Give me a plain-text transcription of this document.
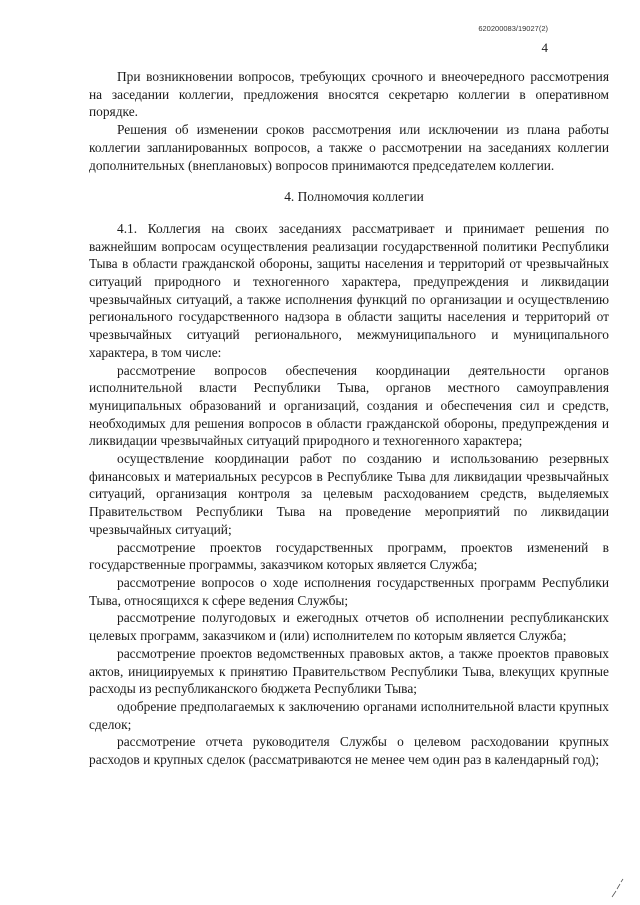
620200083/19027(2)
4

При возникновении вопросов, требующих срочного и внеочередного рассмотрения на заседании коллегии, предложения вносятся секретарю коллегии в оперативном порядке.

Решения об изменении сроков рассмотрения или исключении из плана работы коллегии запланированных вопросов, а также о рассмотрении на заседаниях коллегии дополнительных (внеплановых) вопросов принимаются председателем коллегии.

4. Полномочия коллегии

4.1. Коллегия на своих заседаниях рассматривает и принимает решения по важнейшим вопросам осуществления реализации государственной политики Республики Тыва в области гражданской обороны, защиты населения и территорий от чрезвычайных ситуаций природного и техногенного характера, предупреждения и ликвидации чрезвычайных ситуаций, а также исполнения функций по организации и осуществлению регионального государственного надзора в области защиты населения и территорий от чрезвычайных ситуаций регионального, межмуниципального и муниципального характера, в том числе:

рассмотрение вопросов обеспечения координации деятельности органов исполнительной власти Республики Тыва, органов местного самоуправления муниципальных образований и организаций, создания и обеспечения сил и средств, необходимых для решения вопросов в области гражданской обороны, предупреждения и ликвидации чрезвычайных ситуаций природного и техногенного характера;

осуществление координации работ по созданию и использованию резервных финансовых и материальных ресурсов в Республике Тыва для ликвидации чрезвычайных ситуаций, организация контроля за целевым расходованием средств, выделяемых Правительством Республики Тыва на проведение мероприятий по ликвидации чрезвычайных ситуаций;

рассмотрение проектов государственных программ, проектов изменений в государственные программы, заказчиком которых является Служба;

рассмотрение вопросов о ходе исполнения государственных программ Республики Тыва, относящихся к сфере ведения Службы;

рассмотрение полугодовых и ежегодных отчетов об исполнении республиканских целевых программ, заказчиком и (или) исполнителем по которым является Служба;

рассмотрение проектов ведомственных правовых актов, а также проектов правовых актов, инициируемых к принятию Правительством Республики Тыва, влекущих крупные расходы из республиканского бюджета Республики Тыва;

одобрение предполагаемых к заключению органами исполнительной власти крупных сделок;

рассмотрение отчета руководителя Службы о целевом расходовании крупных расходов и крупных сделок (рассматриваются не менее чем один раз в календарный год);
